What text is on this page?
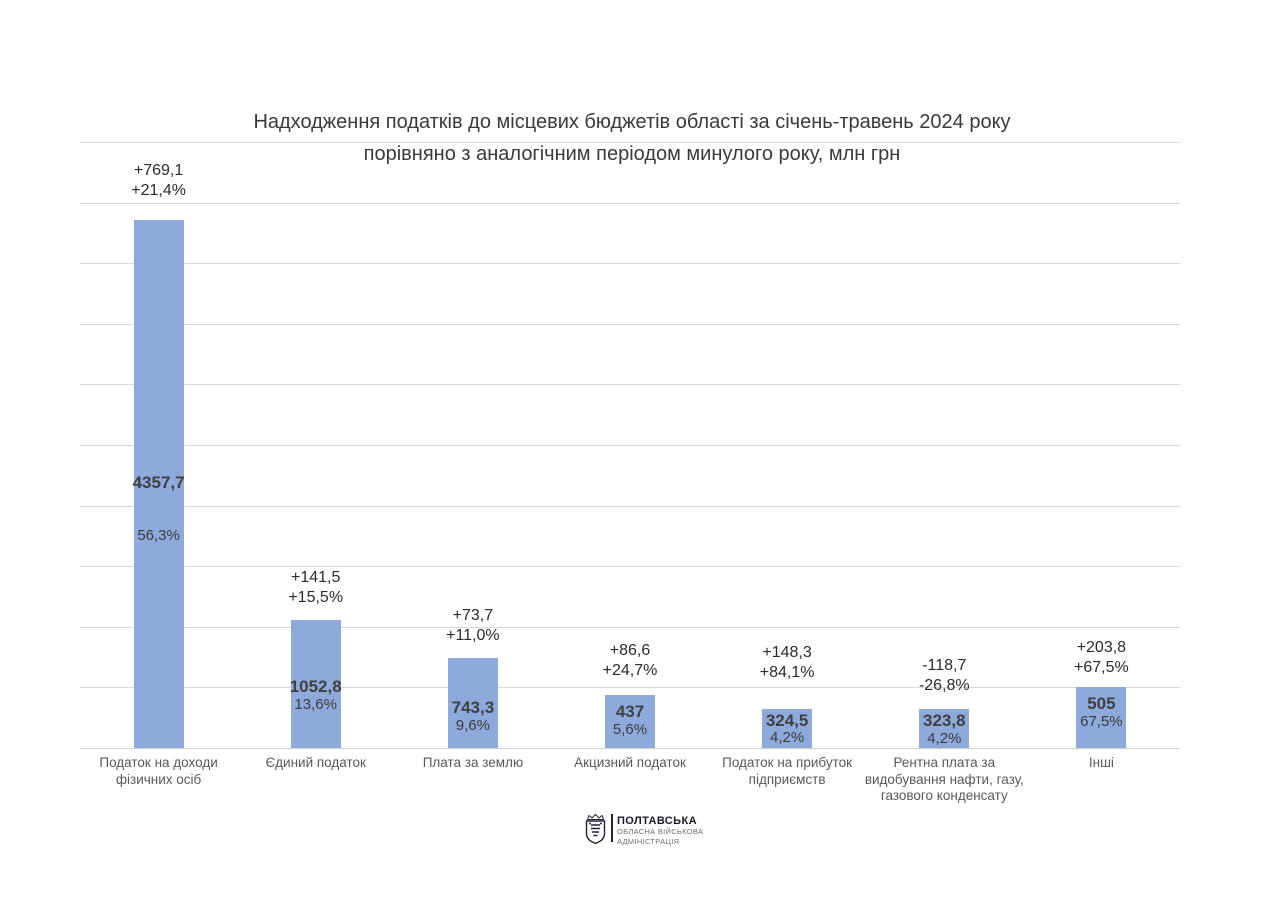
Надходження податків до місцевих бюджетів області за січень-травень 2024 року
порівняно з аналогічним періодом минулого року, млн грн
4357,7
56,3%
+769,1
+21,4%
Податок на доходи
фізичних осіб
1052,8
13,6%
+141,5
+15,5%
Єдиний податок
743,3
9,6%
+73,7
+11,0%
Плата за землю
437
5,6%
+86,6
+24,7%
Акцизний податок
324,5
4,2%
+148,3
+84,1%
Податок на прибуток
підприємств
323,8
4,2%
-118,7
-26,8%
Рентна плата за
видобування нафти, газу,
газового конденсату
505
67,5%
+203,8
+67,5%
Інші
ПОЛТАВСЬКА
ОБЛАСНА ВІЙСЬКОВА
АДМІНІСТРАЦІЯ
